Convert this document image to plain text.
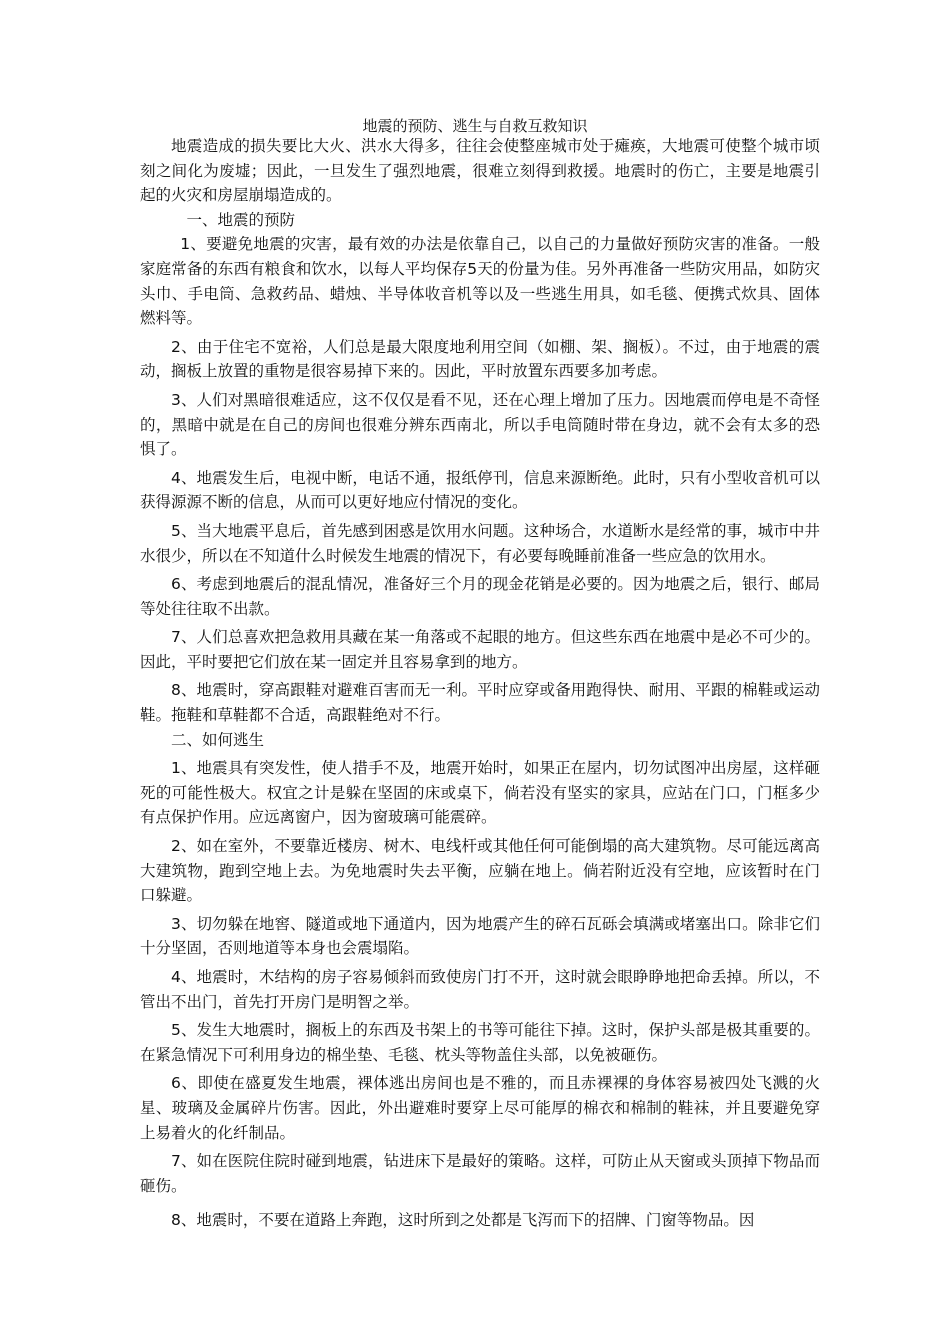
地震的预防、逃生与自救互救知识

地震造成的损失要比大火、洪水大得多，往往会使整座城市处于瘫痪，大地震可使整个城市顷刻之间化为废墟；因此，一旦发生了强烈地震，很难立刻得到救援。地震时的伤亡，主要是地震引起的火灾和房屋崩塌造成的。

一、地震的预防

1、要避免地震的灾害，最有效的办法是依靠自己，以自己的力量做好预防灾害的准备。一般家庭常备的东西有粮食和饮水，以每人平均保存5天的份量为佳。另外再准备一些防灾用品，如防灾头巾、手电筒、急救药品、蜡烛、半导体收音机等以及一些逃生用具，如毛毯、便携式炊具、固体燃料等。

2、由于住宅不宽裕，人们总是最大限度地利用空间（如棚、架、搁板）。不过，由于地震的震动，搁板上放置的重物是很容易掉下来的。因此，平时放置东西要多加考虑。

3、人们对黑暗很难适应，这不仅仅是看不见，还在心理上增加了压力。因地震而停电是不奇怪的，黑暗中就是在自己的房间也很难分辨东西南北，所以手电筒随时带在身边，就不会有太多的恐惧了。

4、地震发生后，电视中断，电话不通，报纸停刊，信息来源断绝。此时，只有小型收音机可以获得源源不断的信息，从而可以更好地应付情况的变化。

5、当大地震平息后，首先感到困惑是饮用水问题。这种场合，水道断水是经常的事，城市中井水很少，所以在不知道什么时候发生地震的情况下，有必要每晚睡前准备一些应急的饮用水。

6、考虑到地震后的混乱情况，准备好三个月的现金花销是必要的。因为地震之后，银行、邮局等处往往取不出款。

7、人们总喜欢把急救用具藏在某一角落或不起眼的地方。但这些东西在地震中是必不可少的。因此，平时要把它们放在某一固定并且容易拿到的地方。

8、地震时，穿高跟鞋对避难百害而无一利。平时应穿或备用跑得快、耐用、平跟的棉鞋或运动鞋。拖鞋和草鞋都不合适，高跟鞋绝对不行。

二、如何逃生

1、地震具有突发性，使人措手不及，地震开始时，如果正在屋内，切勿试图冲出房屋，这样砸死的可能性极大。权宜之计是躲在坚固的床或桌下，倘若没有坚实的家具，应站在门口，门框多少有点保护作用。应远离窗户，因为窗玻璃可能震碎。

2、如在室外，不要靠近楼房、树木、电线杆或其他任何可能倒塌的高大建筑物。尽可能远离高大建筑物，跑到空地上去。为免地震时失去平衡，应躺在地上。倘若附近没有空地，应该暂时在门口躲避。

3、切勿躲在地窖、隧道或地下通道内，因为地震产生的碎石瓦砾会填满或堵塞出口。除非它们十分坚固，否则地道等本身也会震塌陷。

4、地震时，木结构的房子容易倾斜而致使房门打不开，这时就会眼睁睁地把命丢掉。所以，不管出不出门，首先打开房门是明智之举。

5、发生大地震时，搁板上的东西及书架上的书等可能往下掉。这时，保护头部是极其重要的。在紧急情况下可利用身边的棉坐垫、毛毯、枕头等物盖住头部，以免被砸伤。

6、即使在盛夏发生地震，裸体逃出房间也是不雅的，而且赤裸裸的身体容易被四处飞溅的火星、玻璃及金属碎片伤害。因此，外出避难时要穿上尽可能厚的棉衣和棉制的鞋袜，并且要避免穿上易着火的化纤制品。

7、如在医院住院时碰到地震，钻进床下是最好的策略。这样，可防止从天窗或头顶掉下物品而砸伤。

8、地震时，不要在道路上奔跑，这时所到之处都是飞泻而下的招牌、门窗等物品。因
